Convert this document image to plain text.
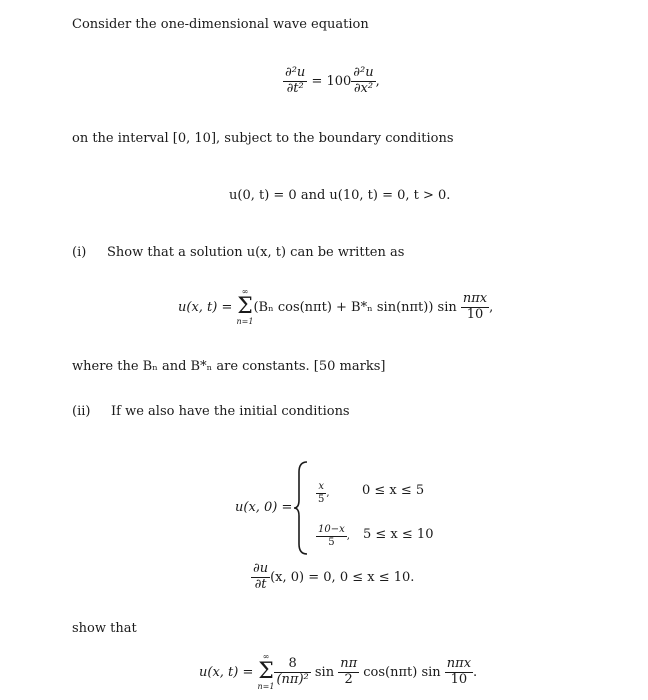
Consider the one-dimensional wave equation
$\frac{\text{∂²u}}{\text{∂t²}} = 100 \frac{\text{∂²u}}{\text{∂x²}}$ ,
on the interval [0, 10], subject to the boundary conditions
u(0, t) = 0 and u(10, t) = 0, t > 0.
(i) Show that a solution u(x, t) can be written as
u(x, t) =
∞
Σ
n=1
(Bₙ cos(nπt) + B*ₙ sin(nπt)) $\sin \frac{\text{nπx}}{10}$ ,
where the Bₙ and B*ₙ are constants. [50 marks]
(ii) If we also have the initial conditions
u(x, 0) =
$\frac{x}{5}$ , 0 ≤ x ≤ 5
$\frac{10-x}{5}$ , 5 ≤ x ≤ 10
$\frac{\partial u}{\partial t} (x$, 0) = 0, 0 ≤ x ≤ 10.
show that
u(x, t) =
∞
Σ
$n=1 \frac{8}{\text{(nπ)²}}$ $\sin \frac{n\pi}{2} \cos(n\pi t)$ $\sin \frac{\text{nπx}}{10}$ .
